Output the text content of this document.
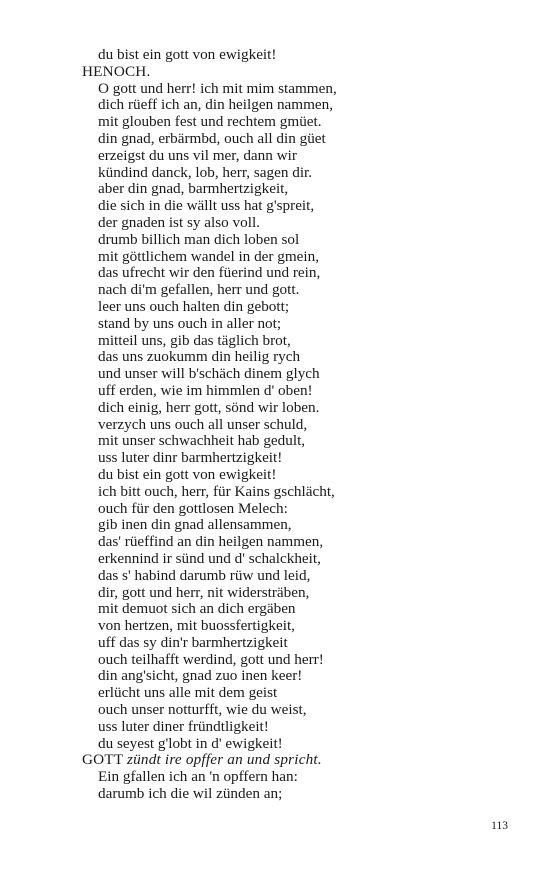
du bist ein gott von ewigkeit!
HENOCH.
O gott und herr! ich mit mim stammen,
dich rüeff ich an, din heilgen nammen,
mit glouben fest und rechtem gmüet.
din gnad, erbärmbd, ouch all din güet
erzeigst du uns vil mer, dann wir
kündind danck, lob, herr, sagen dir.
aber din gnad, barmhertzigkeit,
die sich in die wällt uss hat g'spreit,
der gnaden ist sy also voll.
drumb billich man dich loben sol
mit göttlichem wandel in der gmein,
das ufrecht wir den füerind und rein,
nach di'm gefallen, herr und gott.
leer uns ouch halten din gebott;
stand by uns ouch in aller not;
mitteil uns, gib das täglich brot,
das uns zuokumm din heilig rych
und unser will b'schäch dinem glych
uff erden, wie im himmlen d' oben!
dich einig, herr gott, sönd wir loben.
verzych uns ouch all unser schuld,
mit unser schwachheit hab gedult,
uss luter dinr barmhertzigkeit!
du bist ein gott von ewigkeit!
ich bitt ouch, herr, für Kains gschlächt,
ouch für den gottlosen Melech:
gib inen din gnad allensammen,
das' rüeffind an din heilgen nammen,
erkennind ir sünd und d' schalckheit,
das s' habind darumb rüw und leid,
dir, gott und herr, nit widersträben,
mit demuot sich an dich ergäben
von hertzen, mit buossfertigkeit,
uff das sy din'r barmhertzigkeit
ouch teilhafft werdind, gott und herr!
din ang'sicht, gnad zuo inen keer!
erlücht uns alle mit dem geist
ouch unser notturfft, wie du weist,
uss luter diner fründtligkeit!
du seyest g'lobt in d' ewigkeit!
GOTT zündt ire opffer an und spricht.
Ein gfallen ich an 'n opffern han:
darumb ich die wil zünden an;
113
